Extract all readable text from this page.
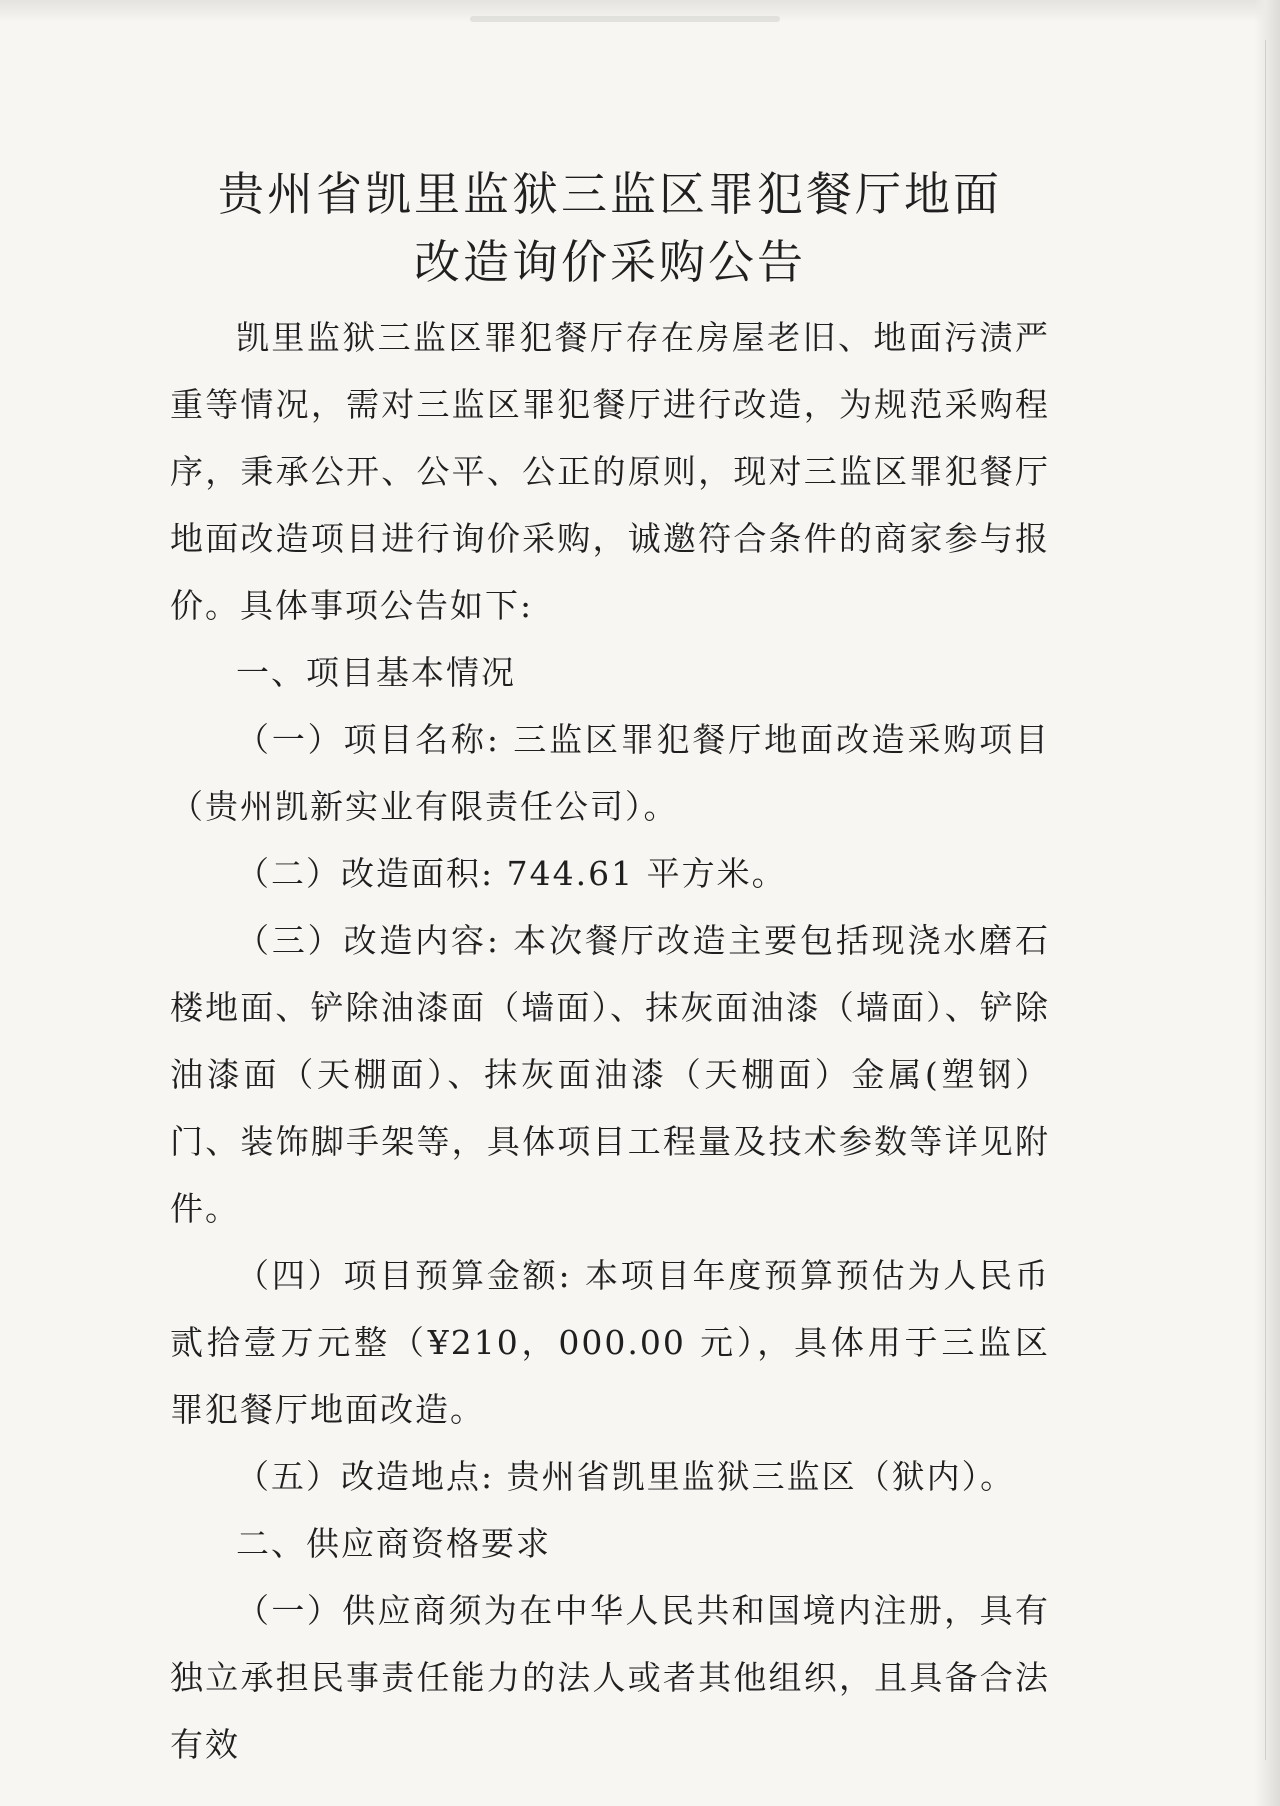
贵州省凯里监狱三监区罪犯餐厅地面
改造询价采购公告

凯里监狱三监区罪犯餐厅存在房屋老旧、地面污渍严重等情况，需对三监区罪犯餐厅进行改造，为规范采购程序，秉承公开、公平、公正的原则，现对三监区罪犯餐厅地面改造项目进行询价采购，诚邀符合条件的商家参与报价。具体事项公告如下:

一、项目基本情况

（一）项目名称: 三监区罪犯餐厅地面改造采购项目（贵州凯新实业有限责任公司）。

（二）改造面积: 744.61 平方米。

（三）改造内容: 本次餐厅改造主要包括现浇水磨石楼地面、铲除油漆面（墙面）、抹灰面油漆（墙面）、铲除油漆面（天棚面）、抹灰面油漆（天棚面）金属(塑钢）门、装饰脚手架等，具体项目工程量及技术参数等详见附件。

（四）项目预算金额: 本项目年度预算预估为人民币贰拾壹万元整（¥210，000.00 元），具体用于三监区罪犯餐厅地面改造。

（五）改造地点: 贵州省凯里监狱三监区（狱内）。

二、供应商资格要求

（一）供应商须为在中华人民共和国境内注册，具有独立承担民事责任能力的法人或者其他组织，且具备合法有效
